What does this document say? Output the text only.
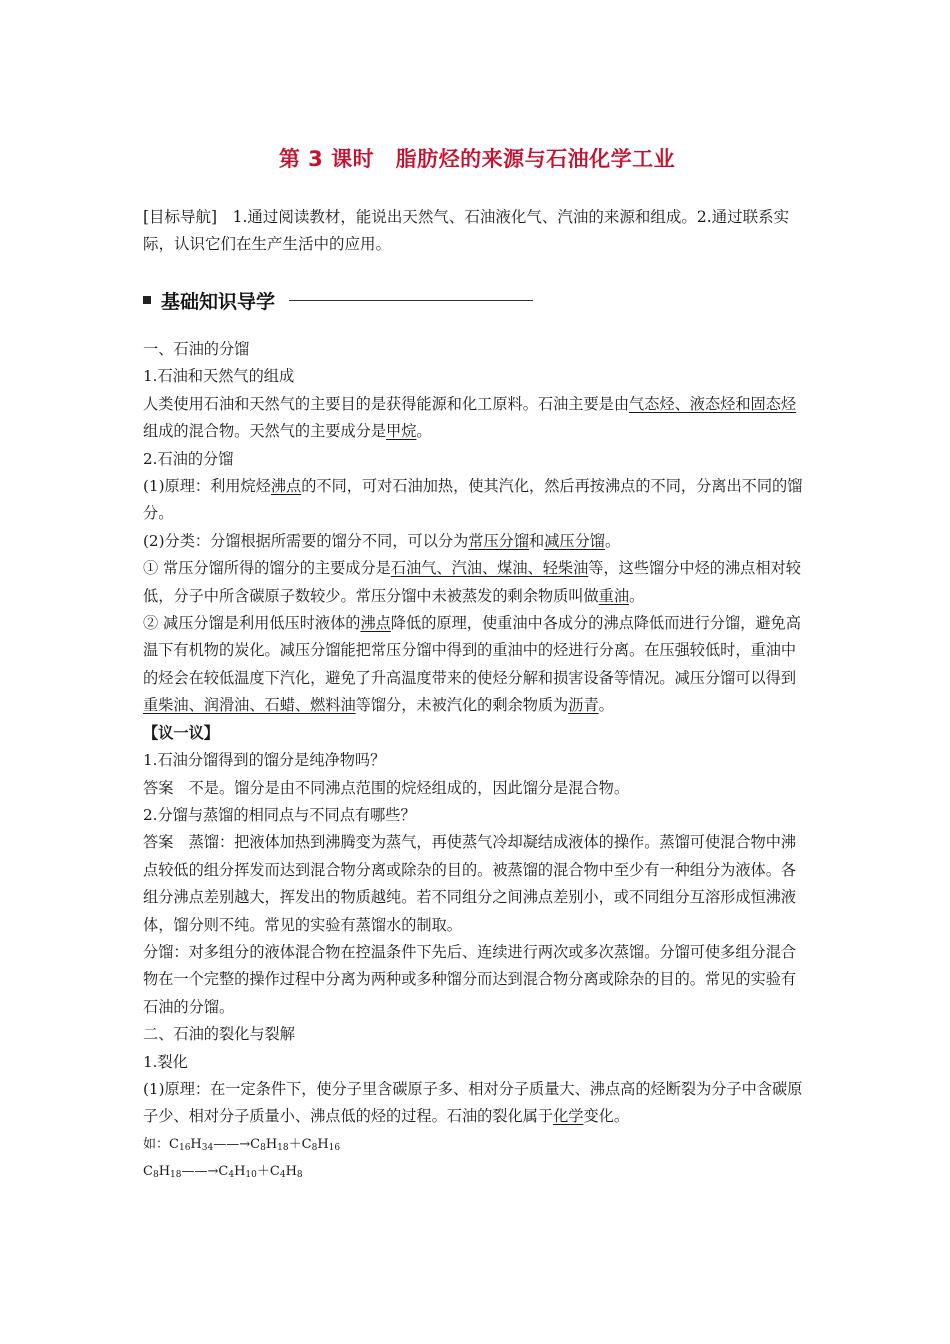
第 3 课时　脂肪烃的来源与石油化学工业
[目标导航]　1.通过阅读教材，能说出天然气、石油液化气、汽油的来源和组成。2.通过联系实际，认识它们在生产生活中的应用。
基础知识导学

一、石油的分馏

1.石油和天然气的组成

人类使用石油和天然气的主要目的是获得能源和化工原料。石油主要是由气态烃、液态烃和固态烃组成的混合物。天然气的主要成分是甲烷。

2.石油的分馏

(1)原理：利用烷烃沸点的不同，可对石油加热，使其汽化，然后再按沸点的不同，分离出不同的馏分。

(2)分类：分馏根据所需要的馏分不同，可以分为常压分馏和减压分馏。

① 常压分馏所得的馏分的主要成分是石油气、汽油、煤油、轻柴油等，这些馏分中烃的沸点相对较低，分子中所含碳原子数较少。常压分馏中未被蒸发的剩余物质叫做重油。

② 减压分馏是利用低压时液体的沸点降低的原理，使重油中各成分的沸点降低而进行分馏，避免高温下有机物的炭化。减压分馏能把常压分馏中得到的重油中的烃进行分离。在压强较低时，重油中的烃会在较低温度下汽化，避免了升高温度带来的使烃分解和损害设备等情况。减压分馏可以得到重柴油、润滑油、石蜡、燃料油等馏分，未被汽化的剩余物质为沥青。

【议一议】

1.石油分馏得到的馏分是纯净物吗？

答案　不是。馏分是由不同沸点范围的烷烃组成的，因此馏分是混合物。

2.分馏与蒸馏的相同点与不同点有哪些？

答案　蒸馏：把液体加热到沸腾变为蒸气，再使蒸气冷却凝结成液体的操作。蒸馏可使混合物中沸点较低的组分挥发而达到混合物分离或除杂的目的。被蒸馏的混合物中至少有一种组分为液体。各组分沸点差别越大，挥发出的物质越纯。若不同组分之间沸点差别小，或不同组分互溶形成恒沸液体，馏分则不纯。常见的实验有蒸馏水的制取。

分馏：对多组分的液体混合物在控温条件下先后、连续进行两次或多次蒸馏。分馏可使多组分混合物在一个完整的操作过程中分离为两种或多种馏分而达到混合物分离或除杂的目的。常见的实验有石油的分馏。

二、石油的裂化与裂解

1.裂化

(1)原理：在一定条件下，使分子里含碳原子多、相对分子质量大、沸点高的烃断裂为分子中含碳原子少、相对分子质量小、沸点低的烃的过程。石油的裂化属于化学变化。

如：$C_{16}H_{34}——\to C_8H_{18}+C_8H_{16}$

$C_8H_{18}——\to C_4H_{10}+C_4H_8$
